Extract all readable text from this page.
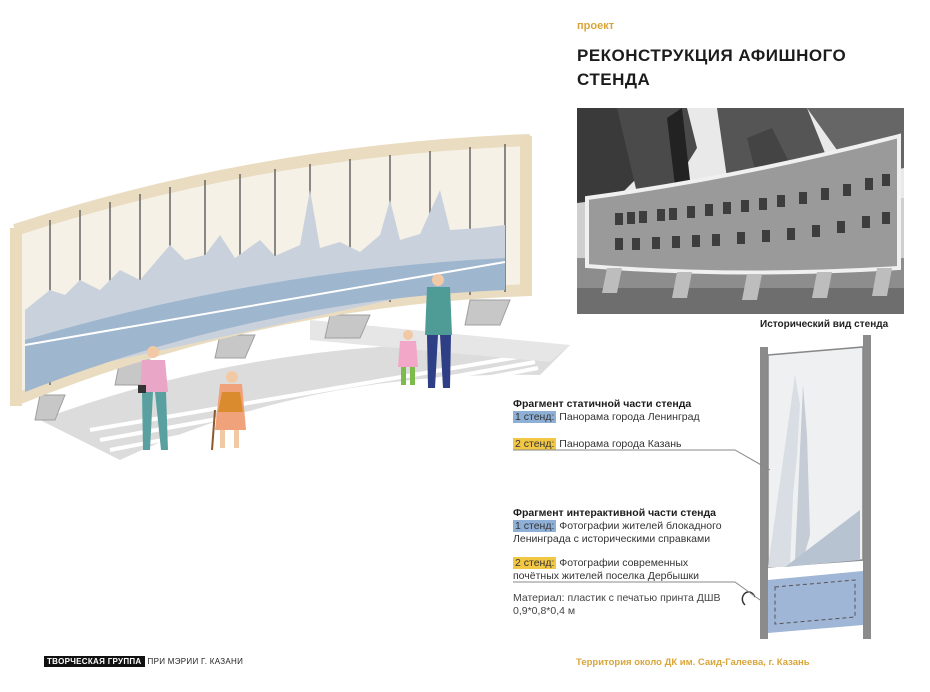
проект
РЕКОНСТРУКЦИЯ АФИШНОГО СТЕНДА
Исторический вид стенда
Фрагмент статичной части стенда
1 стенд: Панорама города Ленинград
2 стенд: Панорама города Казань
Фрагмент интерактивной части стенда
1 стенд: Фотографии жителей блокадного Ленинграда с историческими справками
2 стенд: Фотографии современных почётных жителей поселка Дербышки
Материал: пластик с печатью принта ДШВ 0,9*0,8*0,4 м
ТВОРЧЕСКАЯ ГРУППА ПРИ МЭРИИ Г. КАЗАНИ	Территория около ДК им. Саид-Галеева, г. Казань
